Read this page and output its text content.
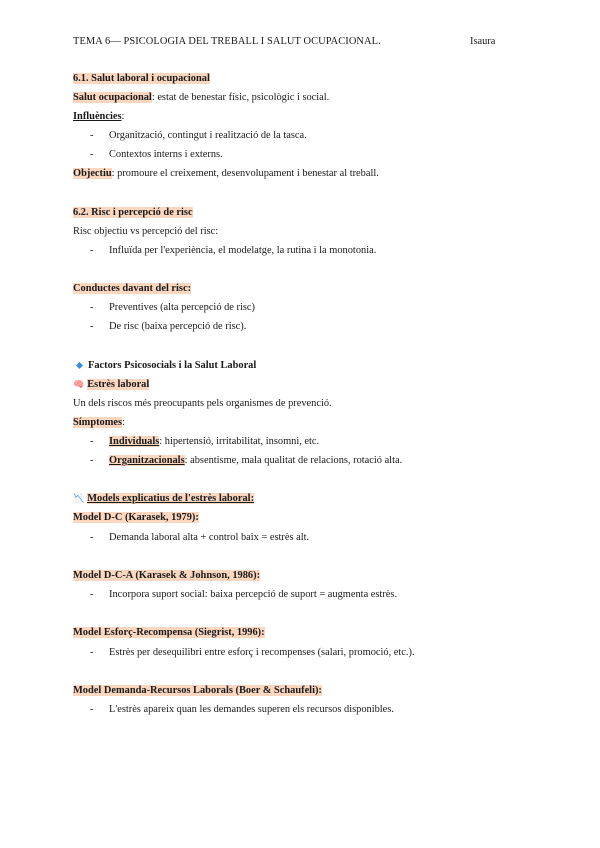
TEMA 6— PSICOLOGIA DEL TREBALL I SALUT OCUPACIONAL.	Isaura
6.1. Salut laboral i ocupacional
Salut ocupacional: estat de benestar físic, psicològic i social.
Influències:
- Organització, contingut i realització de la tasca.
- Contextos interns i externs.
Objectiu: promoure el creixement, desenvolupament i benestar al treball.
6.2. Risc i percepció de risc
Risc objectiu vs percepció del risc:
- Influïda per l'experiència, el modelatge, la rutina i la monotonia.
Conductes davant del risc:
- Preventives (alta percepció de risc)
- De risc (baixa percepció de risc).
Factors Psicosocials i la Salut Laboral
🧠 Estrès laboral
Un dels riscos més preocupants pels organismes de prevenció.
Símptomes:
- Individuals: hipertensió, irritabilitat, insomni, etc.
- Organitzacionals: absentisme, mala qualitat de relacions, rotació alta.
📉 Models explicatius de l'estrès laboral:
Model D-C (Karasek, 1979):
- Demanda laboral alta + control baix = estrès alt.
Model D-C-A (Karasek & Johnson, 1986):
- Incorpora suport social: baixa percepció de suport = augmenta estrès.
Model Esforç-Recompensa (Siegrist, 1996):
- Estrès per desequilibri entre esforç i recompenses (salari, promoció, etc.).
Model Demanda-Recursos Laborals (Boer & Schaufeli):
- L'estrès apareix quan les demandes superen els recursos disponibles.
